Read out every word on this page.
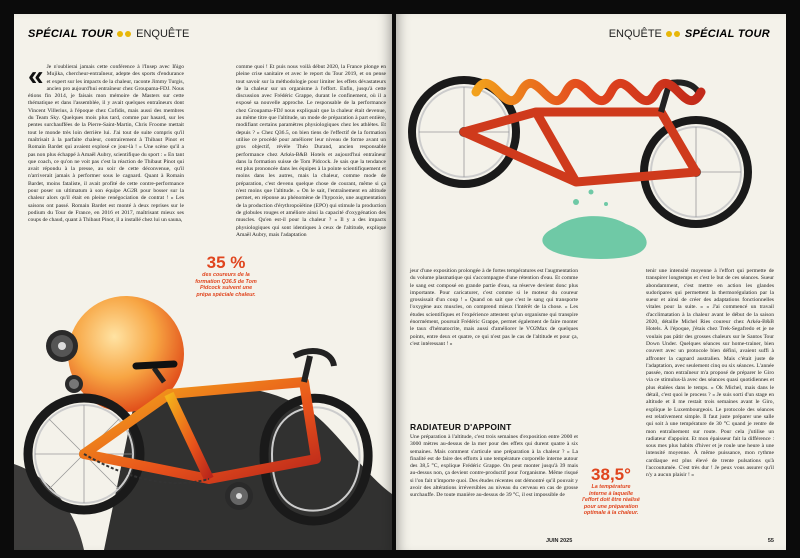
SPÉCIAL TOUR ENQUÊTE
« Je n'oublierai jamais cette conférence à l'Insep avec Iñigo Mujika, chercheur-entraîneur, adepte des sports d'endurance et expert sur les impacts de la chaleur, raconte Jimmy Turgis, ancien pro aujourd'hui entraîneur chez Groupama-FDJ. Nous étions fin 2014, je faisais mon mémoire de Masters sur cette thématique et dans l'assemblée, il y avait quelques entraîneurs dont Vincent Villerius, à l'époque chez Cofidis, mais aussi des membres du Team Sky. Quelques mois plus tard, comme par hasard, sur les pentes surchauffées de la Pierre-Saint-Martin, Chris Froome mettait tout le monde très loin derrière lui. J'ai tout de suite compris qu'il maîtrisait à la parfaite chaleur, contrairement à Thibaut Pinot et Romain Bardet qui avaient explosé ce jour-là ! » Une scène qu'il a pas non plus échappé à Amaël Aubry, scientifique du sport : « En tant que coach, ce qu'on ne voit pas c'est la réaction de Thibaut Pinot qui avait répondu à la presse, au soir de cette déconvenue, qu'il n'arriverait jamais à performer sous le cagnard. Quant à Romain Bardet, moins fataliste, il avait profité de cette contre-performance pour poser un ultimatum à son équipe AG2R pour bosser sur la chaleur alors qu'il était en pleine renégociation de contrat ! » Les saisons ont passé. Romain Bardet est monté à deux reprises sur le podium du Tour de France, en 2016 et 2017, maîtrisant mieux ses coups de chaud, quant à Thibaut Pinot, il a installé chez lui un sauna,
comme quoi ! Et puis nous voilà début 2020, la France plonge en pleine crise sanitaire et avec le report du Tour 2019, et on pense tout savoir sur la méthodologie pour limiter les effets dévastateurs de la chaleur sur un organisme à l'effort. Enfin, jusqu'à cette discussion avec Frédéric Grappe, durant le confinement, où il a exposé sa nouvelle approche. Le responsable de la performance chez Groupama-FDJ nous expliquait que la chaleur était devenue, au même titre que l'altitude, un mode de préparation à part entière, modifiant certains paramètres physiologiques chez les athlètes. Et depuis ? « Chez Q36.5, on bien tiens de l'effectif de la formation utilise ce procédé pour améliorer leur niveau de forme avant un gros objectif, révèle Théo Durand, ancien responsable performance chez Arkéa-B&B Hotels et aujourd'hui entraîneur dans la formation suisse de Tom Pidcock. Je sais que la tendance est plus prononcée dans les équipes à la pointe scientifiquement et moins dans les autres, mais la chaleur, comme mode de préparation, c'est devenu quelque chose de courant, même si ça n'est moins que l'altitude. » On le sait, l'entraînement en altitude permet, en réponse au phénomène de l'hypoxie, une augmentation de la production d'érythropoïétine (EPO) qui stimule la production de globules rouges et améliore ainsi la capacité d'oxygénation des muscles. Qu'en est-il pour la chaleur ? « Il y a des impacts physiologiques qui sont identiques à ceux de l'altitude, explique Amaël Aubry, mais l'adaptation
35 %
des coureurs de la formation Q36.5 de Tom Pidcock suivent une prépa spéciale chaleur.
ENQUÊTE SPÉCIAL TOUR
jeur d'une exposition prolongée à de fortes températures est l'augmentation du volume plasmatique qui s'accompagne d'une rétention d'eau. Et comme le sang est composé en grande partie d'eau, sa réserve devient donc plus importante. Pour caricaturer, c'est comme si le moteur du coureur grossissait d'un coup ! » Quand on sait que c'est le sang qui transporte l'oxygène aux muscles, on comprend mieux l'intérêt de la chose. « Les études scientifiques et l'expérience attestent qu'un organisme qui transpire énormément, poursuit Frédéric Grappe, permet également de faire monter le taux d'hématocrite, mais aussi d'améliorer le VO2Max de quelques points, entre deux et quatre, ce qui n'est pas le cas de l'altitude et pour ça, c'est intéressant ! »
RADIATEUR D'APPOINT
Une préparation à l'altitude, c'est trois semaines d'exposition entre 2000 et 3000 mètres au-dessus de la mer pour des effets qui durent quatre à six semaines. Mais comment s'articule une préparation à la chaleur ? « La finalité est de faire des efforts à une température corporelle interne autour des 38,5 °C, explique Frédéric Grappe. On peut monter jusqu'à 39 mais au-dessus non, ça devient contre-productif pour l'organisme. Même risqué si l'on fait n'importe quoi. Des études récentes ont démontré qu'il pouvait y avoir des altérations irréversibles au niveau du cerveau en cas de grosse surchauffe. De toute manière au-dessus de 39 °C, il est impossible de
38,5°
La température interne à laquelle l'effort doit être réalisé pour une préparation optimale à la chaleur.
tenir une intensité moyenne à l'effort qui permette de transpirer longtemps et c'est le but de ces séances. Sueur abondamment, c'est mettre en action les glandes sudoripares qui permettent la thermorégulation par la sueur et ainsi de créer des adaptations fonctionnelles vitales pour la suite. » « J'ai commencé un travail d'acclimatation à la chaleur avant le début de la saison 2020, détaille Michel Ries coureur chez Arkéa-B&B Hotels. À l'époque, j'étais chez Trek-Segafredo et je ne voulais pas pâtir des grosses chaleurs sur le Santos Tour Down Under. Quelques séances sur home-trainer, bien couvert avec un protocole bien défini, avaient suffi à affronter la cagnard australien. Mais c'était juste de l'adaptation, avec seulement cinq ou six séances. L'année passée, mon entraîneur m'a proposé de préparer le Giro via ce stimulus-là avec des séances quasi quotidiennes et plus étalées dans le temps. » Ok Michel, mais dans le détail, c'est quoi le process ? « Je suis sorti d'un stage en altitude et il me restait trois semaines avant le Giro, explique le Luxembourgeois. Le protocole des séances est relativement simple. Il faut juste préparer une salle qui soit à une température de 30 °C quand je rentre de mon entraînement sur route. Pour cela j'utilise un radiateur d'appoint. Et mon épaisseur fait la différence : sous mes plus habits d'hiver et je roule une heure à une intensité moyenne. À même puissance, mon rythme cardiaque est plus élevé de trente pulsations qu'à l'accoutumée. C'est très dur ! Je peux vous assurer qu'il n'y a aucun plaisir ! »
JUIN 2025	55
